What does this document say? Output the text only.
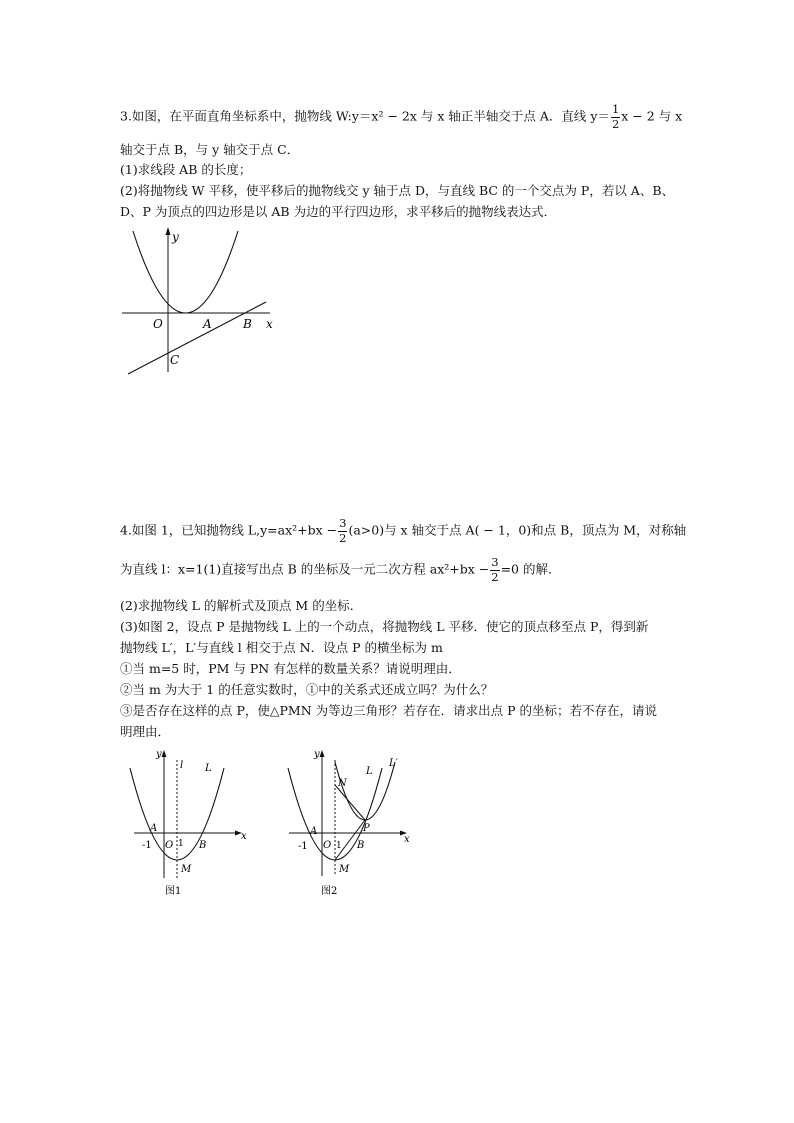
3.如图，在平面直角坐标系中，抛物线 W:y＝x² − 2x 与 x 轴正半轴交于点 A．直线 $y= \frac{1}{2}$ x − 2 与 x
轴交于点 B，与 y 轴交于点 C．
(1)求线段 AB 的长度；
(2)将抛物线 W 平移，使平移后的抛物线交 y 轴于点 D，与直线 BC 的一个交点为 P，若以 A、B、
D、P 为顶点的四边形是以 AB 为边的平行四边形，求平移后的抛物线表达式．
y
x
O	A	B
C
4.如图 1，已知抛物线 $L,y=ax^2+bx - \frac{3}{2} (a>0)$与 x 轴交于点 A( − 1，0)和点 B，顶点为 M，对称轴
为直线 l：x=1(1)直接写出点 B 的坐标及一元二次方程 $ax^2+bx - \frac{3}{2} =0$ 的解．
(2)求抛物线 L 的解析式及顶点 M 的坐标．
(3)如图 2，设点 P 是抛物线 L 上的一个动点，将抛物线 L 平移．使它的顶点移至点 P，得到新
抛物线 L′，L′与直线 l 相交于点 N．设点 P 的横坐标为 m
①当 m=5 时，PM 与 PN 有怎样的数量关系？请说明理由．
②当 m 为大于 1 的任意实数时，①中的关系式还成立吗？为什么？
③是否存在这样的点 P，使△PMN 为等边三角形？若存在．请求出点 P 的坐标；若不存在，请说
明理由．
y
x
l L
A
-1 O 1 B
M
图1
y
x
N
L
L′
A	P
-1 O 1 B
M
图2
